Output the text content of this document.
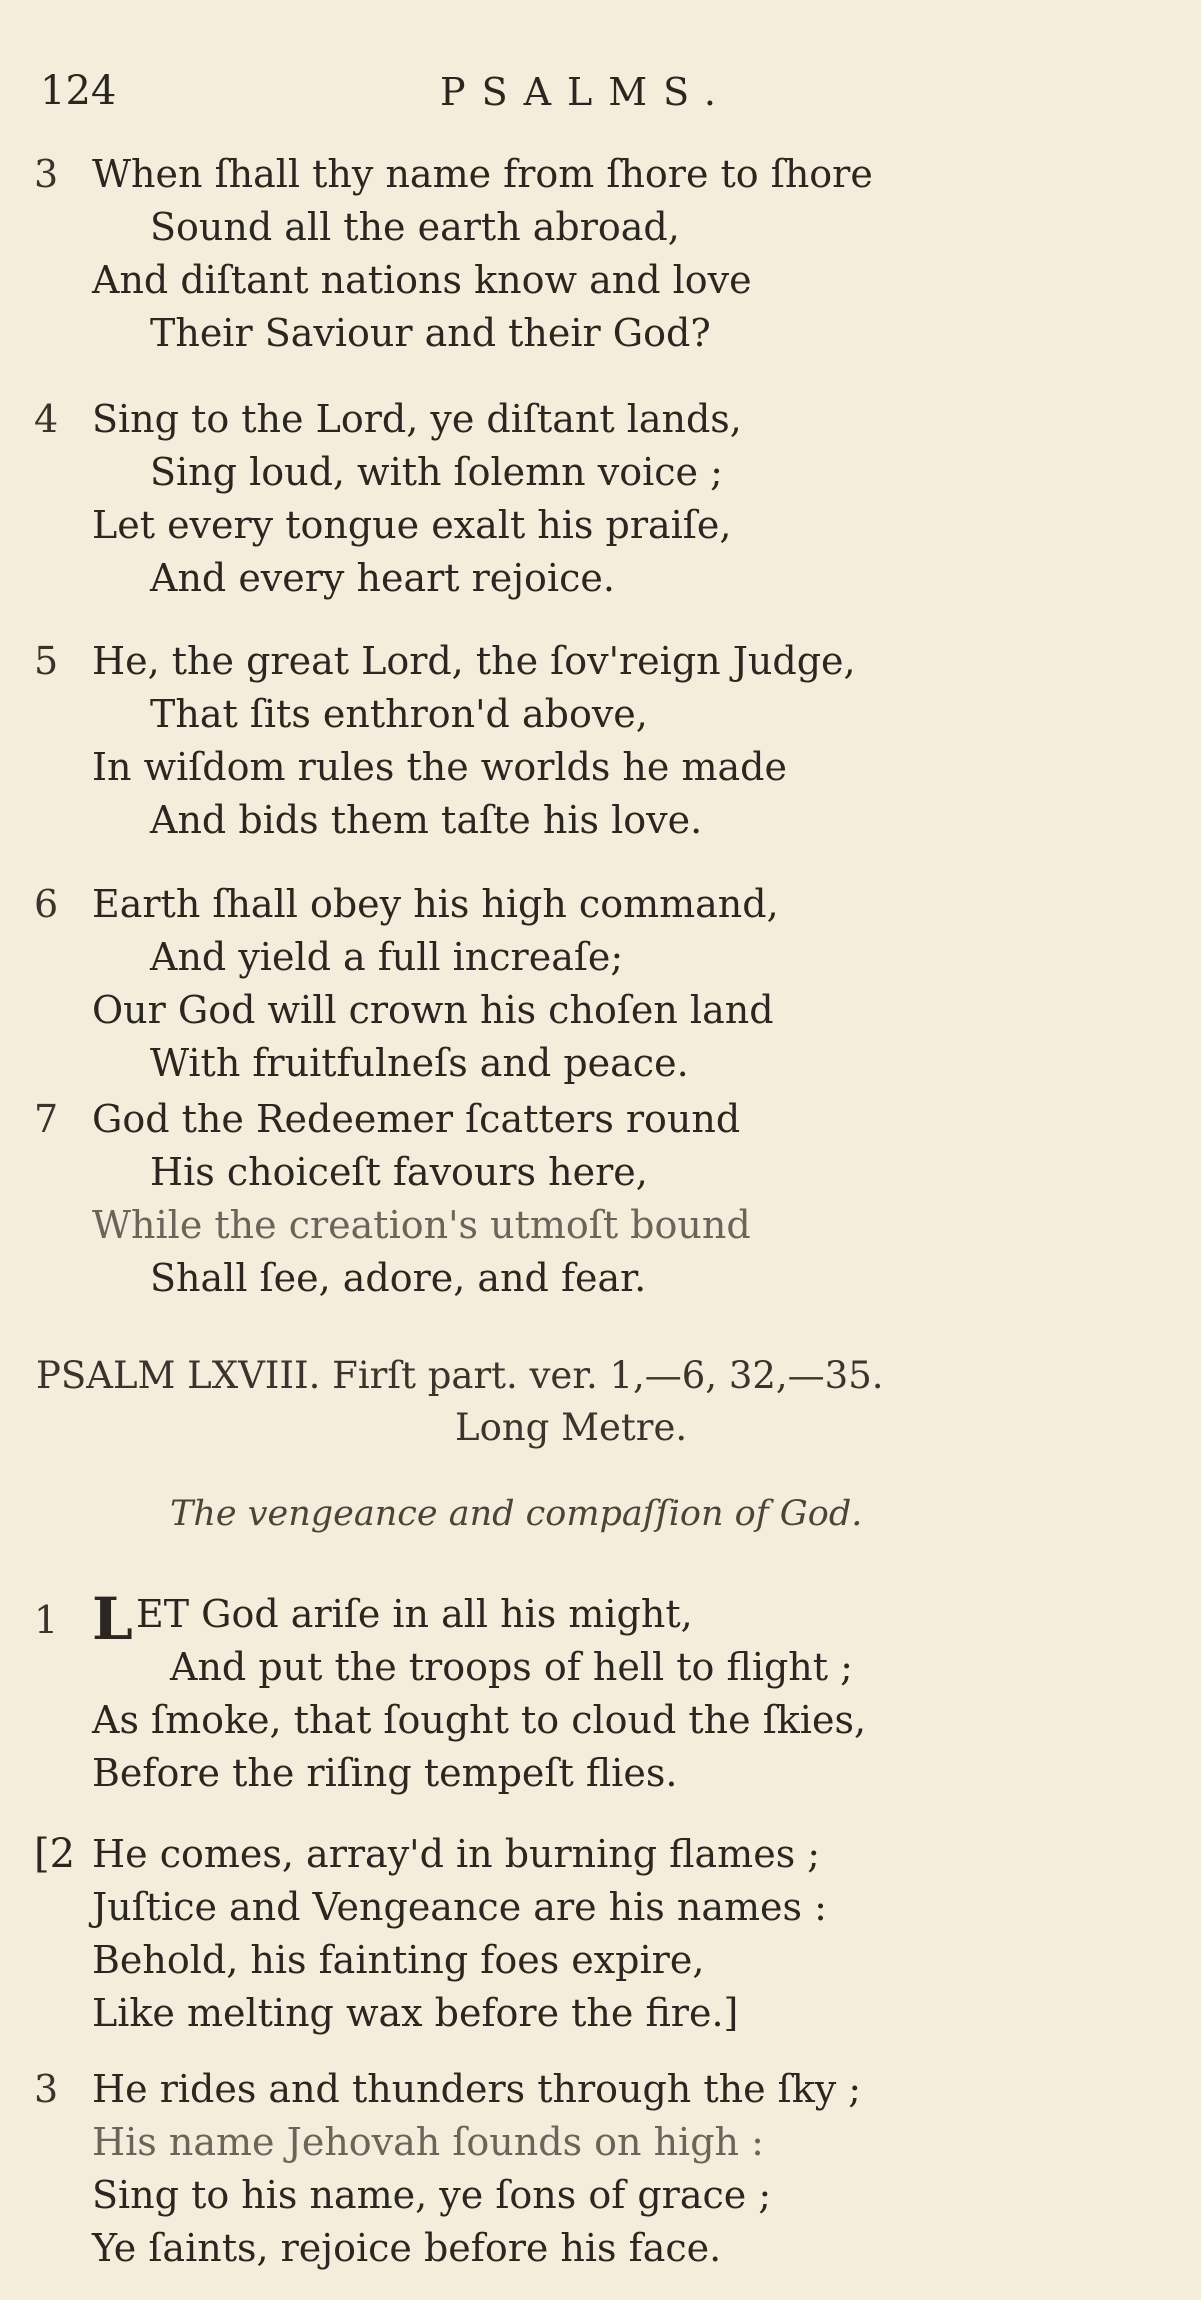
124	PSALMS.
3 When ſhall thy name from ſhore to ſhore
Sound all the earth abroad,
And diſtant nations know and love
Their Saviour and their God?
4 Sing to the Lord, ye diſtant lands,
Sing loud, with ſolemn voice ;
Let every tongue exalt his praiſe,
And every heart rejoice.
5 He, the great Lord, the ſov'reign Judge,
That ſits enthron'd above,
In wiſdom rules the worlds he made
And bids them taſte his love.
6 Earth ſhall obey his high command,
And yield a full increaſe;
Our God will crown his choſen land
With fruitfulneſs and peace.
7 God the Redeemer ſcatters round
His choiceſt favours here,
While the creation's utmoſt bound
Shall ſee, adore, and fear.
PSALM LXVIII. Firſt part. ver. 1,—6, 32,—35.
Long Metre.
The vengeance and compaſſion of God.
1 L ET God ariſe in all his might,
And put the troops of hell to flight ;
As ſmoke, that ſought to cloud the ſkies,
Before the riſing tempeſt flies.
[2 He comes, array'd in burning flames ;
Juſtice and Vengeance are his names :
Behold, his fainting foes expire,
Like melting wax before the fire.]
3 He rides and thunders through the ſky ;
His name Jehovah ſounds on high :
Sing to his name, ye ſons of grace ;
Ye ſaints, rejoice before his face.
